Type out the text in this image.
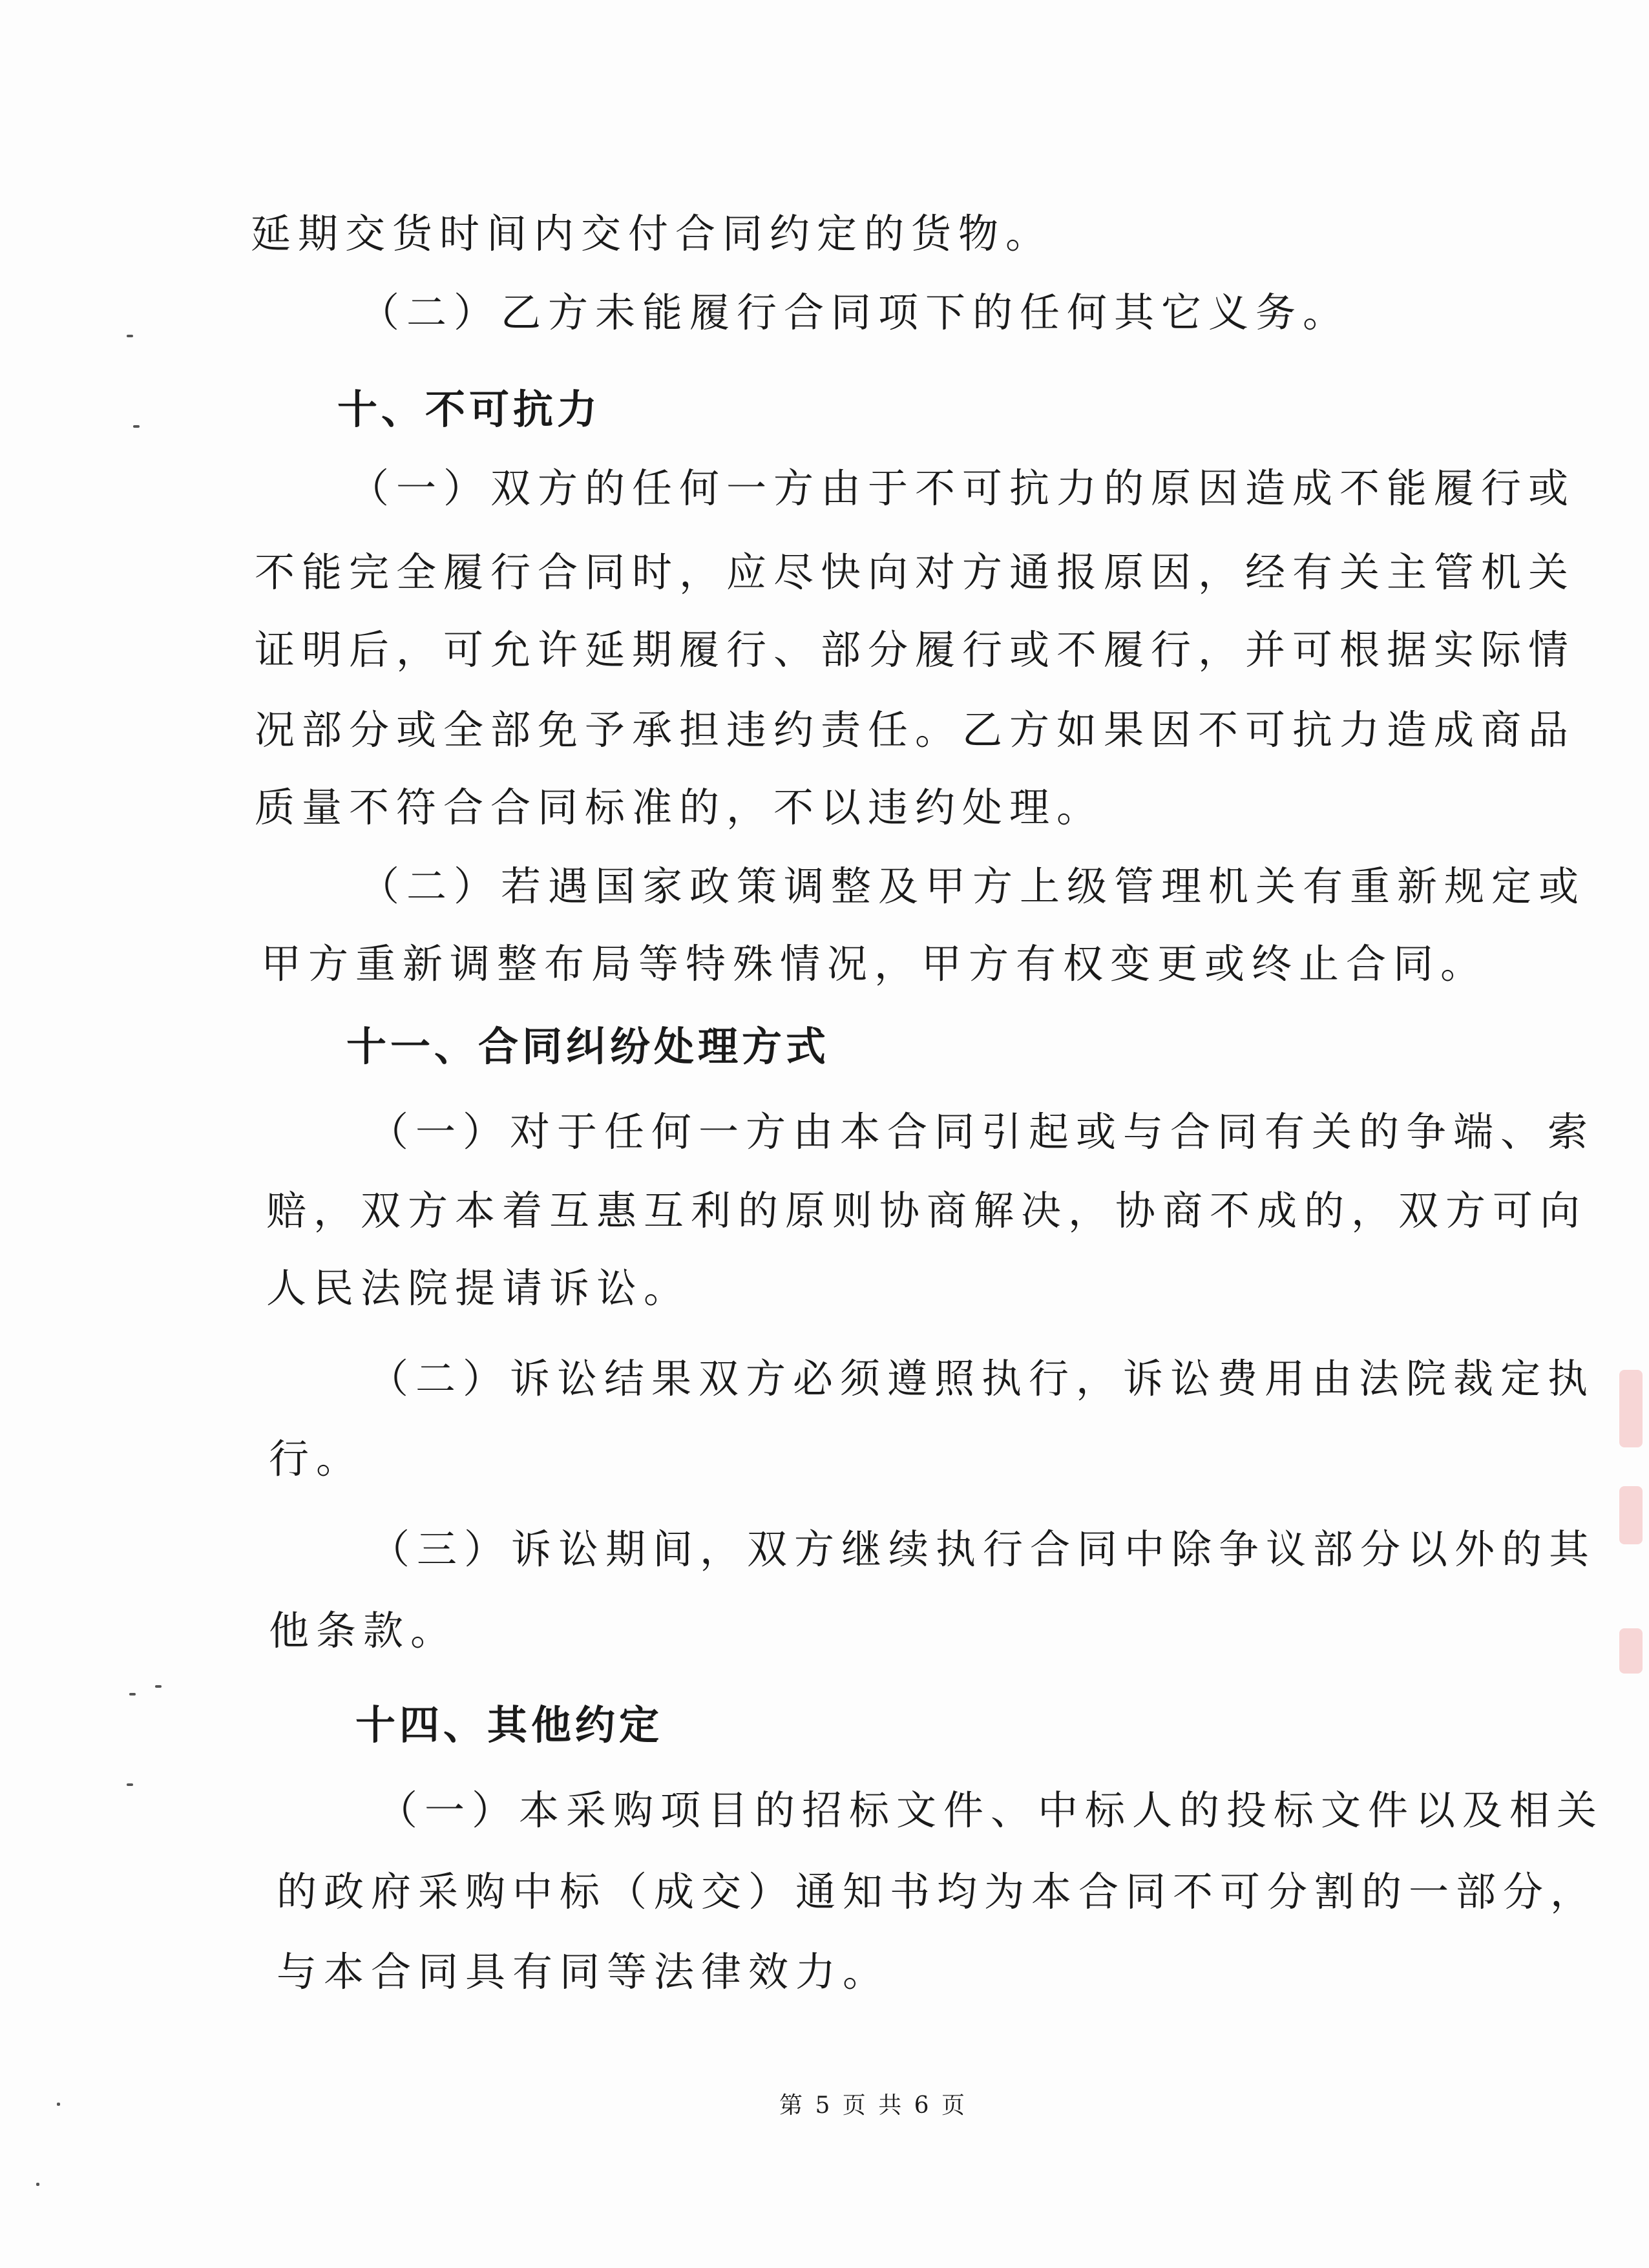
延期交货时间内交付合同约定的货物。
（二）乙方未能履行合同项下的任何其它义务。
十、不可抗力
（一）双方的任何一方由于不可抗力的原因造成不能履行或
不能完全履行合同时，应尽快向对方通报原因，经有关主管机关
证明后，可允许延期履行、部分履行或不履行，并可根据实际情
况部分或全部免予承担违约责任。乙方如果因不可抗力造成商品
质量不符合合同标准的，不以违约处理。
（二）若遇国家政策调整及甲方上级管理机关有重新规定或
甲方重新调整布局等特殊情况，甲方有权变更或终止合同。
十一、合同纠纷处理方式
（一）对于任何一方由本合同引起或与合同有关的争端、索
赔，双方本着互惠互利的原则协商解决，协商不成的，双方可向
人民法院提请诉讼。
（二）诉讼结果双方必须遵照执行，诉讼费用由法院裁定执
行。
（三）诉讼期间，双方继续执行合同中除争议部分以外的其
他条款。
十四、其他约定
（一）本采购项目的招标文件、中标人的投标文件以及相关
的政府采购中标（成交）通知书均为本合同不可分割的一部分，
与本合同具有同等法律效力。
第 5 页 共 6 页
